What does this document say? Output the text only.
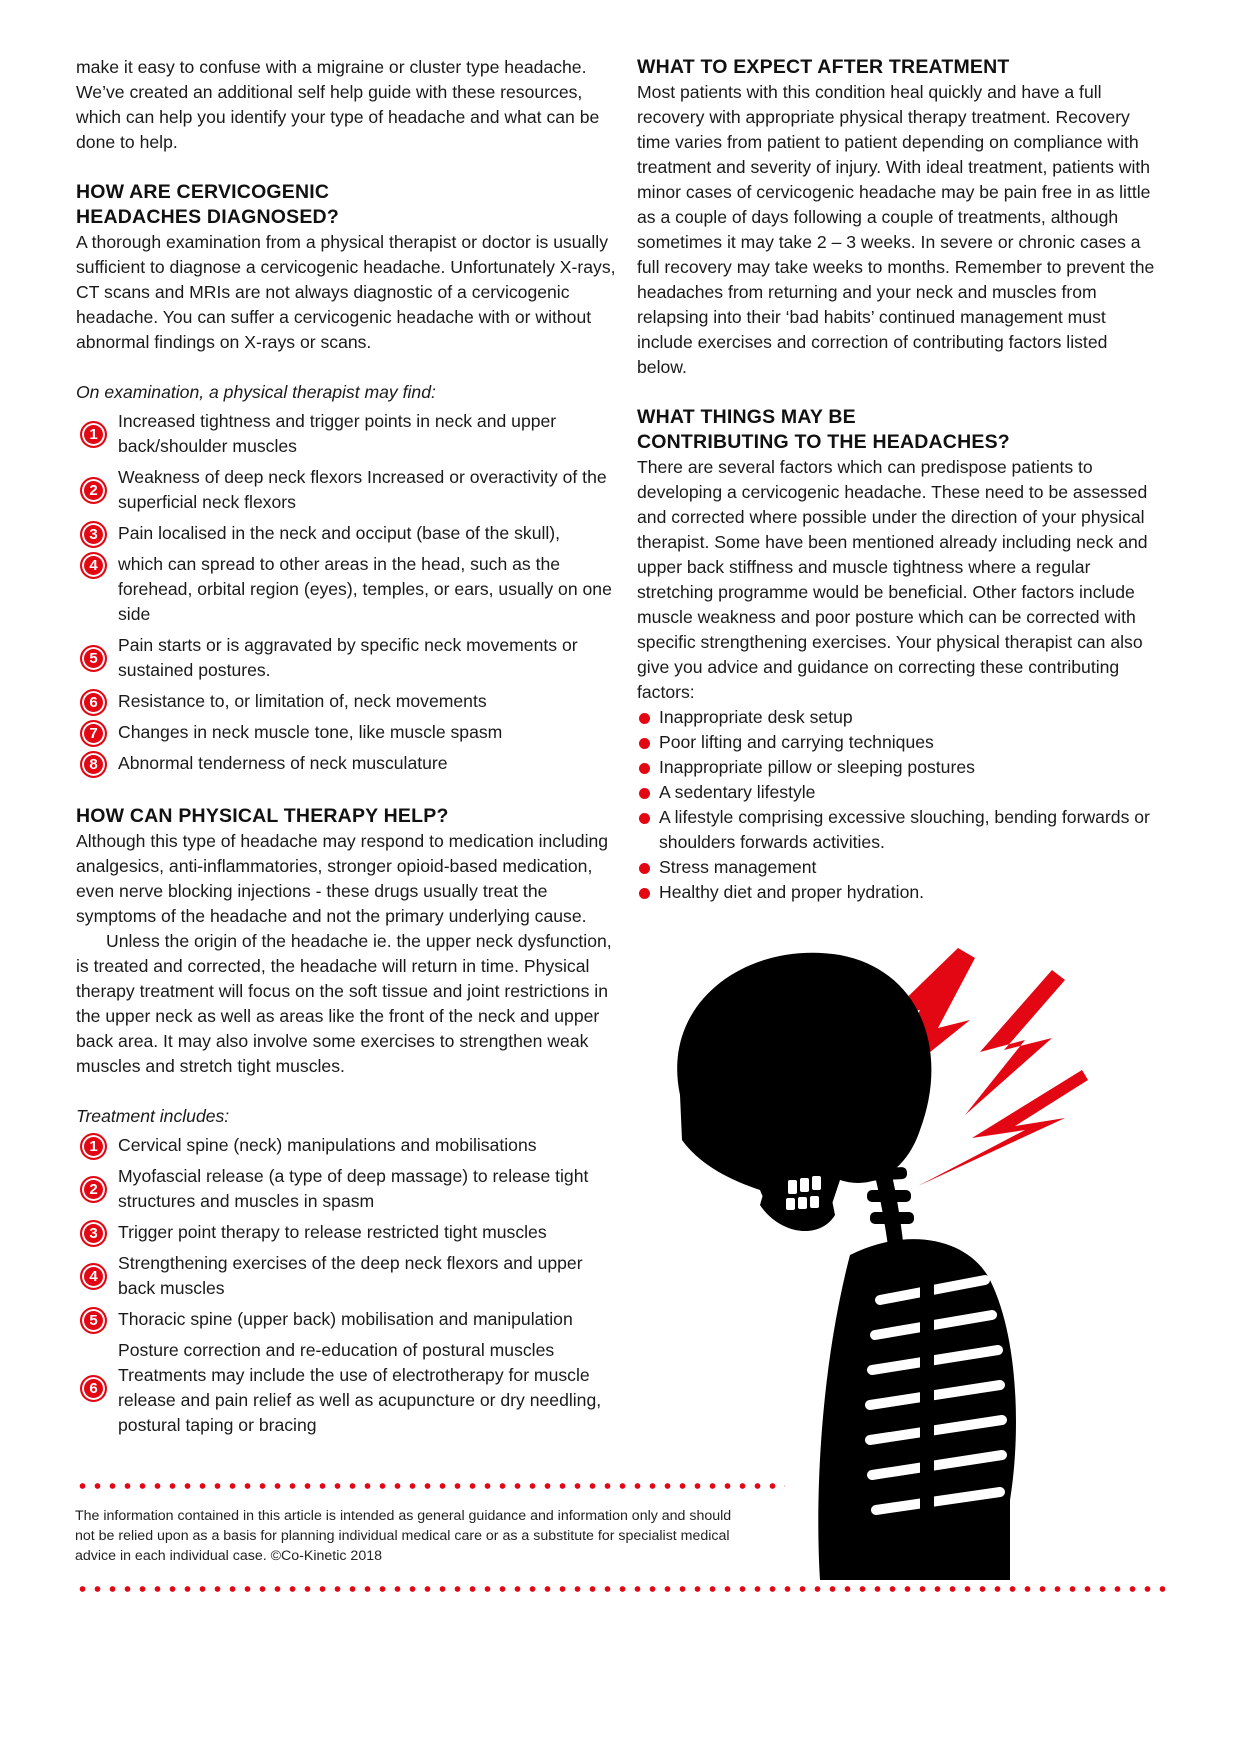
make it easy to confuse with a migraine or cluster type headache. We’ve created an additional self help guide with these resources, which can help you identify your type of headache and what can be done to help.

HOW ARE CERVICOGENIC
HEADACHES DIAGNOSED?

A thorough examination from a physical therapist or doctor is usually sufficient to diagnose a cervicogenic headache. Unfortunately X-rays, CT scans and MRIs are not always diagnostic of a cervicogenic headache. You can suffer a cervicogenic headache with or without abnormal findings on X-rays or scans.

On examination, a physical therapist may find:

1
Increased tightness and trigger points in neck and upper back/shoulder muscles
2
Weakness of deep neck flexors Increased or overactivity of the superficial neck flexors
3	Pain localised in the neck and occiput (base of the skull),
4	which can spread to other areas in the head, such as the forehead, orbital region (eyes), temples, or ears, usually on one side
5
Pain starts or is aggravated by specific neck movements or sustained postures.
6	Resistance to, or limitation of, neck movements
7	Changes in neck muscle tone, like muscle spasm
8	Abnormal tenderness of neck musculature
HOW CAN PHYSICAL THERAPY HELP?

Although this type of headache may respond to medication including analgesics, anti-inflammatories, stronger opioid-based medication, even nerve blocking injections - these drugs usually treat the symptoms of the headache and not the primary underlying cause.

Unless the origin of the headache ie. the upper neck dysfunction, is treated and corrected, the headache will return in time. Physical therapy treatment will focus on the soft tissue and joint restrictions in the upper neck as well as areas like the front of the neck and upper back area. It may also involve some exercises to strengthen weak muscles and stretch tight muscles.

Treatment includes:

1	Cervical spine (neck) manipulations and mobilisations
2
Myofascial release (a type of deep massage) to release tight structures and muscles in spasm
3	Trigger point therapy to release restricted tight muscles
4
Strengthening exercises of the deep neck flexors and upper back muscles
5	Thoracic spine (upper back) mobilisation and manipulation
6
Posture correction and re-education of postural muscles Treatments may include the use of electrotherapy for muscle release and pain relief as well as acupuncture or dry needling, postural taping or bracing
WHAT TO EXPECT AFTER TREATMENT

Most patients with this condition heal quickly and have a full recovery with appropriate physical therapy treatment. Recovery time varies from patient to patient depending on compliance with treatment and severity of injury. With ideal treatment, patients with minor cases of cervicogenic headache may be pain free in as little as a couple of days following a couple of treatments, although sometimes it may take 2 – 3 weeks. In severe or chronic cases a full recovery may take weeks to months. Remember to prevent the headaches from returning and your neck and muscles from relapsing into their ‘bad habits’ continued management must include exercises and correction of contributing factors listed below.

WHAT THINGS MAY BE
CONTRIBUTING TO THE HEADACHES?

There are several factors which can predispose patients to developing a cervicogenic headache. These need to be assessed and corrected where possible under the direction of your physical therapist. Some have been mentioned already including neck and upper back stiffness and muscle tightness where a regular stretching programme would be beneficial. Other factors include muscle weakness and poor posture which can be corrected with specific strengthening exercises. Your physical therapist can also give you advice and guidance on correcting these contributing factors:

Inappropriate desk setup
Poor lifting and carrying techniques
Inappropriate pillow or sleeping postures
A sedentary lifestyle
A lifestyle comprising excessive slouching, bending forwards or shoulders forwards activities.
Stress management
Healthy diet and proper hydration.

The information contained in this article is intended as general guidance and information only and should not be relied upon as a basis for planning individual medical care or as a substitute for specialist medical advice in each individual case. ©Co-Kinetic 2018
